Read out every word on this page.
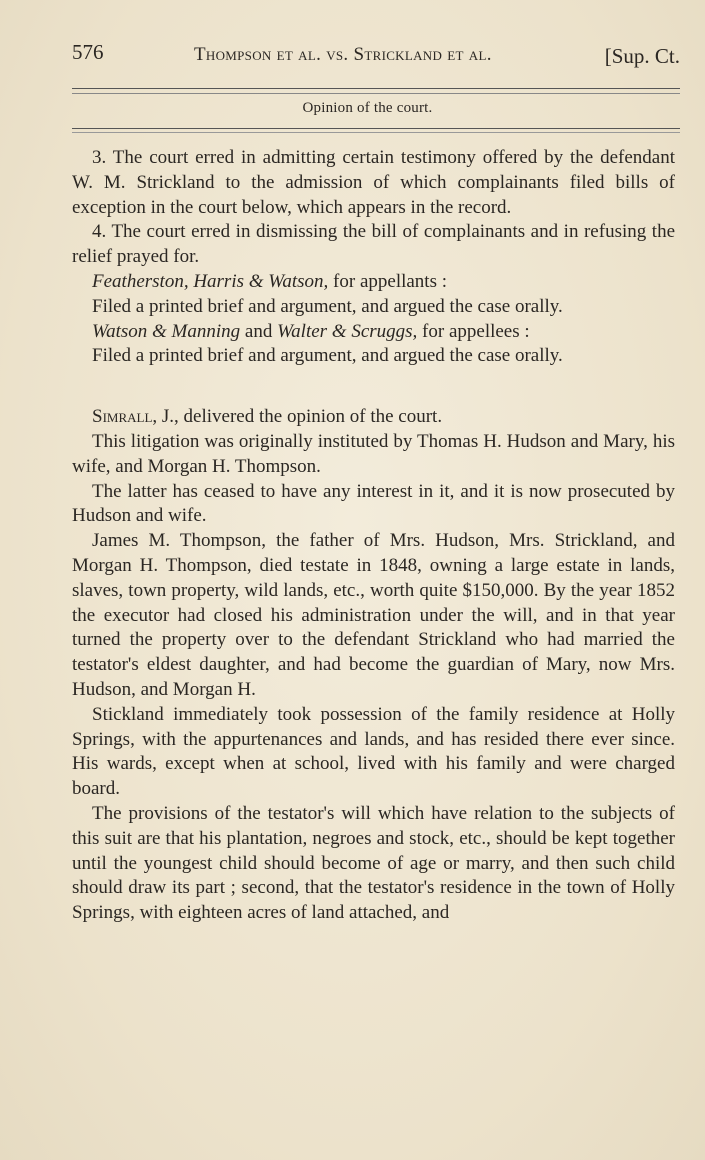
576	Thompson et al. vs. Strickland et al.	[Sup. Ct.
Opinion of the court.

3. The court erred in admitting certain testimony offered by the defendant W. M. Strickland to the admission of which complainants filed bills of exception in the court below, which appears in the record.

4. The court erred in dismissing the bill of complainants and in refusing the relief prayed for.

Featherston, Harris & Watson, for appellants :

Filed a printed brief and argument, and argued the case orally.

Watson & Manning and Walter & Scruggs, for appellees :

Filed a printed brief and argument, and argued the case orally.

Simrall, J., delivered the opinion of the court.

This litigation was originally instituted by Thomas H. Hudson and Mary, his wife, and Morgan H. Thompson.

The latter has ceased to have any interest in it, and it is now prosecuted by Hudson and wife.

James M. Thompson, the father of Mrs. Hudson, Mrs. Strickland, and Morgan H. Thompson, died testate in 1848, owning a large estate in lands, slaves, town property, wild lands, etc., worth quite $150,000. By the year 1852 the executor had closed his administration under the will, and in that year turned the property over to the defendant Strickland who had married the testator's eldest daughter, and had become the guardian of Mary, now Mrs. Hudson, and Morgan H.

Stickland immediately took possession of the family residence at Holly Springs, with the appurtenances and lands, and has resided there ever since. His wards, except when at school, lived with his family and were charged board.

The provisions of the testator's will which have relation to the subjects of this suit are that his plantation, negroes and stock, etc., should be kept together until the youngest child should become of age or marry, and then such child should draw its part ; second, that the testator's residence in the town of Holly Springs, with eighteen acres of land attached, and
